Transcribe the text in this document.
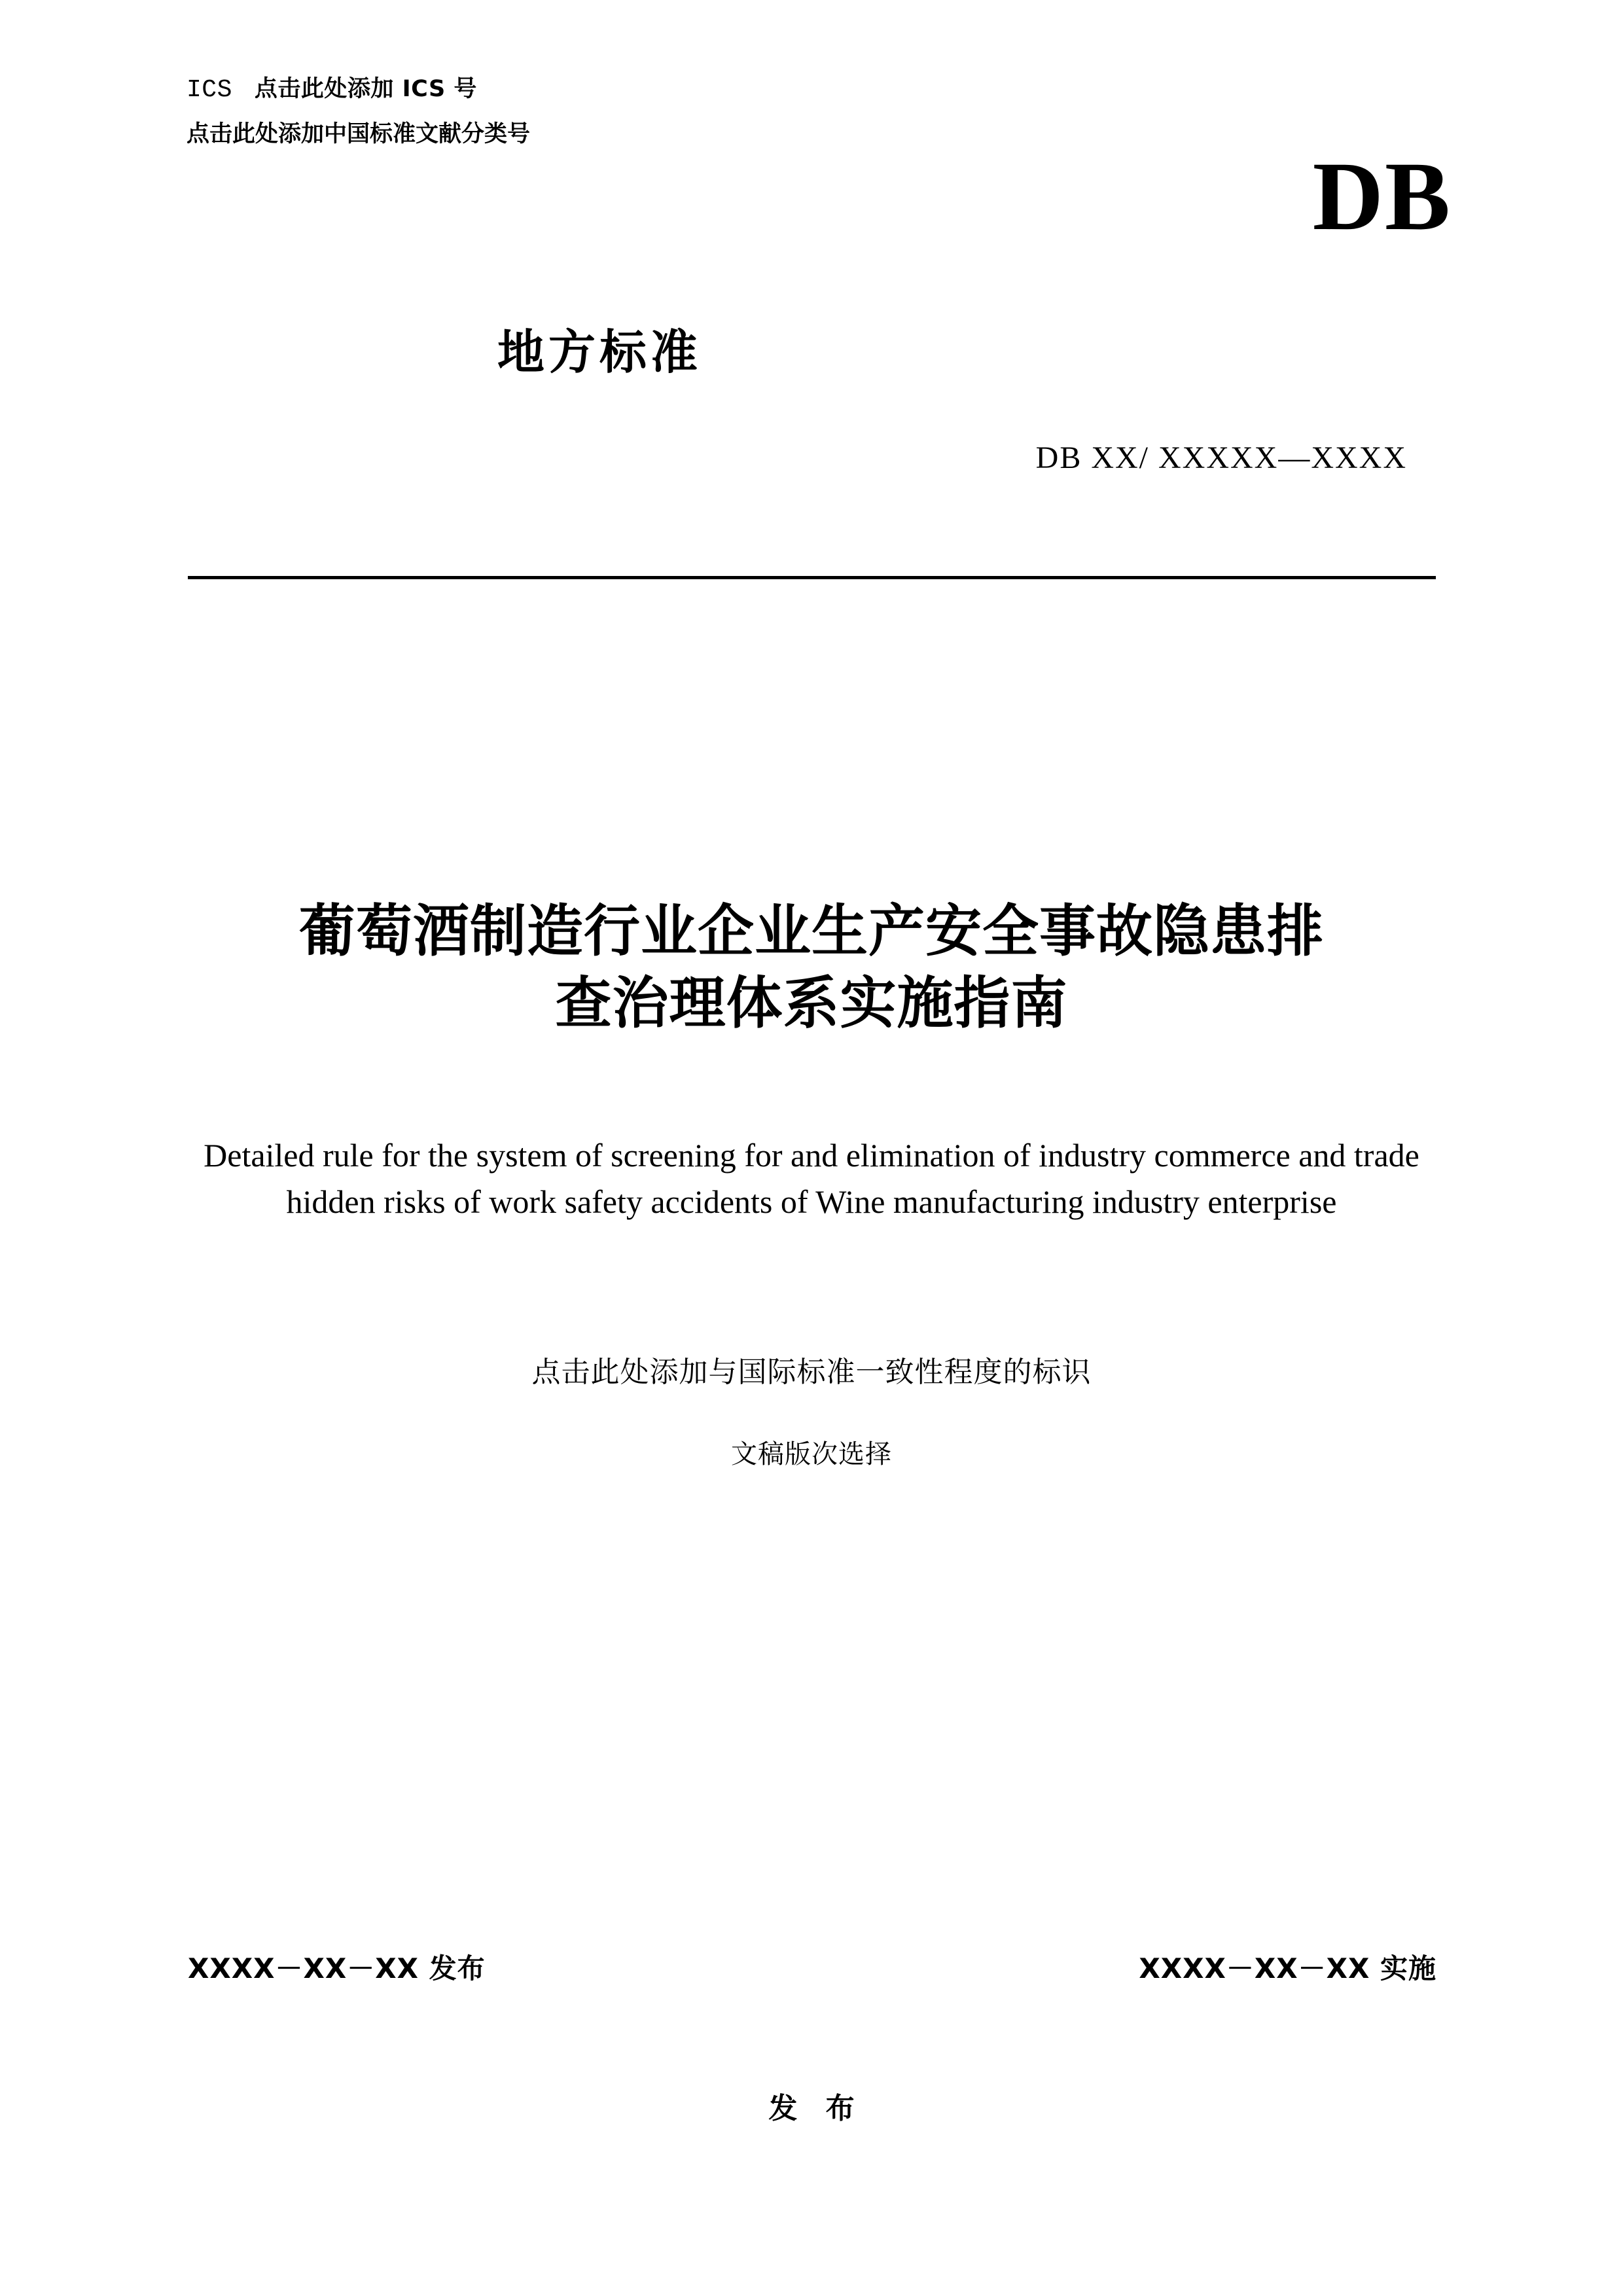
ICS 点击此处添加 ICS 号
点击此处添加中国标准文献分类号
DB
地方标准
DB XX/ XXXXX—XXXX
葡萄酒制造行业企业生产安全事故隐患排
查治理体系实施指南
Detailed rule for the system of screening for and elimination of industry commerce and trade hidden risks of work safety accidents of Wine manufacturing industry enterprise
点击此处添加与国际标准一致性程度的标识
文稿版次选择
XXXX－XX－XX 发布	XXXX－XX－XX 实施
发 布
